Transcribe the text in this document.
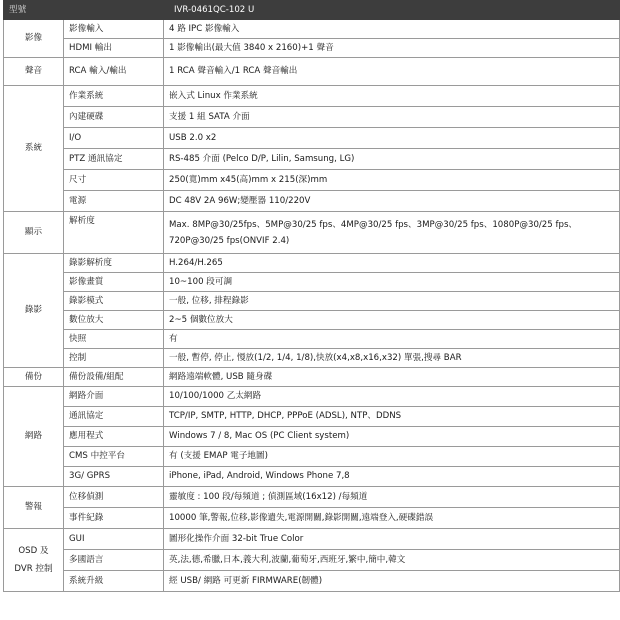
型號	IVR-0461QC-102 U	
影像	影像輸入	4 路 IPC 影像輸入
	HDMI 輸出	1 影像輸出(最大值 3840 x 2160)+1 聲音
聲音	RCA 輸入/輸出	1 RCA 聲音輸入/1 RCA 聲音輸出
系統	作業系統	嵌入式 Linux 作業系統
	內建硬碟	支援 1 組 SATA 介面
	I/O	USB 2.0 x2
	PTZ 通訊協定	RS-485 介面 (Pelco D/P, Lilin, Samsung, LG)
	尺寸	250(寬)mm x45(高)mm x 215(深)mm
	電源	DC 48V 2A 96W;變壓器 110/220V
顯示	解析度	Max. 8MP@30/25fps、5MP@30/25 fps、4MP@30/25 fps、3MP@30/25 fps、1080P@30/25 fps、720P@30/25 fps(ONVIF 2.4)
錄影	錄影解析度	H.264/H.265
	影像畫質	10~100 段可調
	錄影模式	一般, 位移, 排程錄影
	數位放大	2~5 個數位放大
	快照	有
	控制	一般, 暫停, 停止, 慢放(1/2, 1/4, 1/8),快放(x4,x8,x16,x32) 單張,搜尋 BAR
備份	備份設備/組配	網路遠端軟體, USB 隨身碟
網路	網路介面	10/100/1000 乙太網路
	通訊協定	TCP/IP, SMTP, HTTP, DHCP, PPPoE (ADSL), NTP、DDNS
	應用程式	Windows 7 / 8, Mac OS (PC Client system)
	CMS 中控平台	有 (支援 EMAP 電子地圖)
	3G/ GPRS	iPhone, iPad, Android, Windows Phone 7,8
警報	位移偵測	靈敏度 : 100 段/每頻道 ; 偵測區域(16x12) /每頻道
	事件紀錄	10000 筆,警報,位移,影像遺失,電源開關,錄影開關,遠端登入,硬碟錯誤

OSD 及
DVR 控制	GUI	圖形化操作介面 32-bit True Color
	多國語言	英,法,德,希臘,日本,義大利,波蘭,葡萄牙,西班牙,繁中,簡中,韓文
	系統升級	經 USB/ 網路 可更新 FIRMWARE(韌體)
